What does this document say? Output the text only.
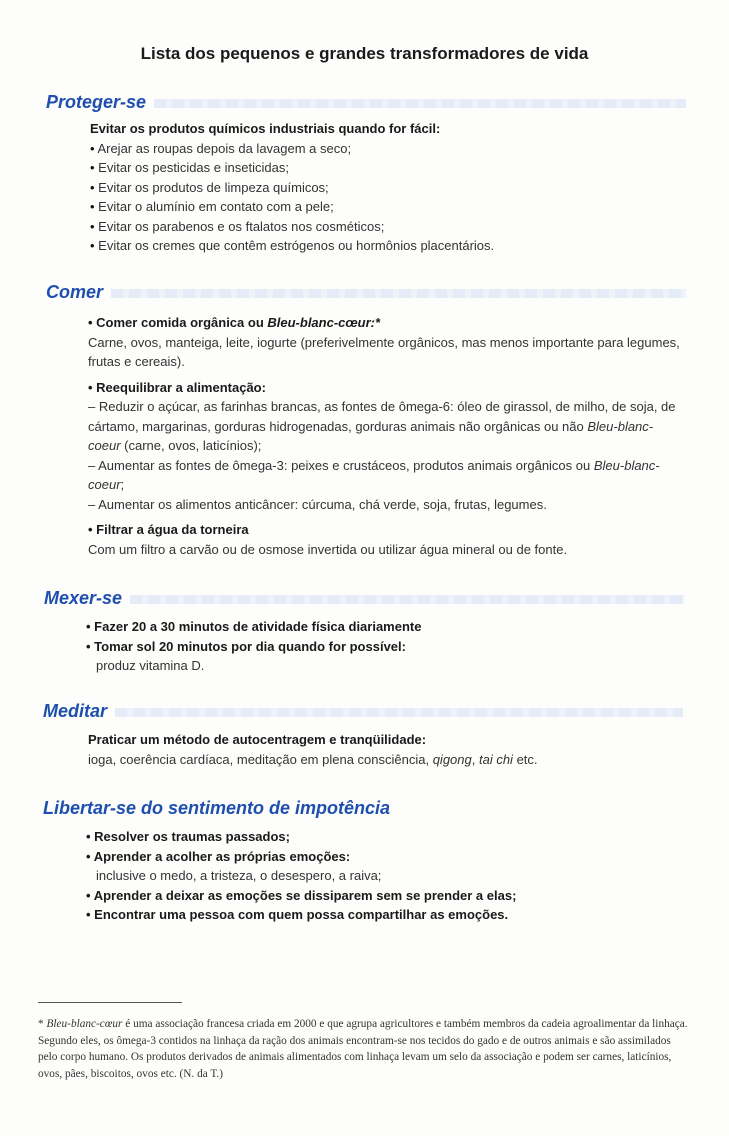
Lista dos pequenos e grandes transformadores de vida
Proteger-se
Evitar os produtos químicos industriais quando for fácil:
• Arejar as roupas depois da lavagem a seco;
• Evitar os pesticidas e inseticidas;
• Evitar os produtos de limpeza químicos;
• Evitar o alumínio em contato com a pele;
• Evitar os parabenos e os ftalatos nos cosméticos;
• Evitar os cremes que contêm estrógenos ou hormônios placentários.
Comer
• Comer comida orgânica ou Bleu-blanc-cœur:*
Carne, ovos, manteiga, leite, iogurte (preferivelmente orgânicos, mas menos importante para legumes, frutas e cereais).
• Reequilibrar a alimentação:
– Reduzir o açúcar, as farinhas brancas, as fontes de ômega-6: óleo de girassol, de milho, de soja, de cártamo, margarinas, gorduras hidrogenadas, gorduras animais não orgânicas ou não Bleu-blanc-coeur (carne, ovos, laticínios);
– Aumentar as fontes de ômega-3: peixes e crustáceos, produtos animais orgânicos ou Bleu-blanc-coeur;
– Aumentar os alimentos anticâncer: cúrcuma, chá verde, soja, frutas, legumes.
• Filtrar a água da torneira
Com um filtro a carvão ou de osmose invertida ou utilizar água mineral ou de fonte.
Mexer-se
• Fazer 20 a 30 minutos de atividade física diariamente
• Tomar sol 20 minutos por dia quando for possível:
produz vitamina D.
Meditar
Praticar um método de autocentragem e tranqüilidade:
ioga, coerência cardíaca, meditação em plena consciência, qigong, tai chi etc.
Libertar-se do sentimento de impotência
• Resolver os traumas passados;
• Aprender a acolher as próprias emoções:
inclusive o medo, a tristeza, o desespero, a raiva;
• Aprender a deixar as emoções se dissiparem sem se prender a elas;
• Encontrar uma pessoa com quem possa compartilhar as emoções.
* Bleu-blanc-cœur é uma associação francesa criada em 2000 e que agrupa agricultores e também membros da cadeia agroalimentar da linhaça. Segundo eles, os ômega-3 contidos na linhaça da ração dos animais encontram-se nos tecidos do gado e de outros animais e são assimilados pelo corpo humano. Os produtos derivados de animais alimentados com linhaça levam um selo da associação e podem ser carnes, laticínios, ovos, pães, biscoitos, ovos etc. (N. da T.)
